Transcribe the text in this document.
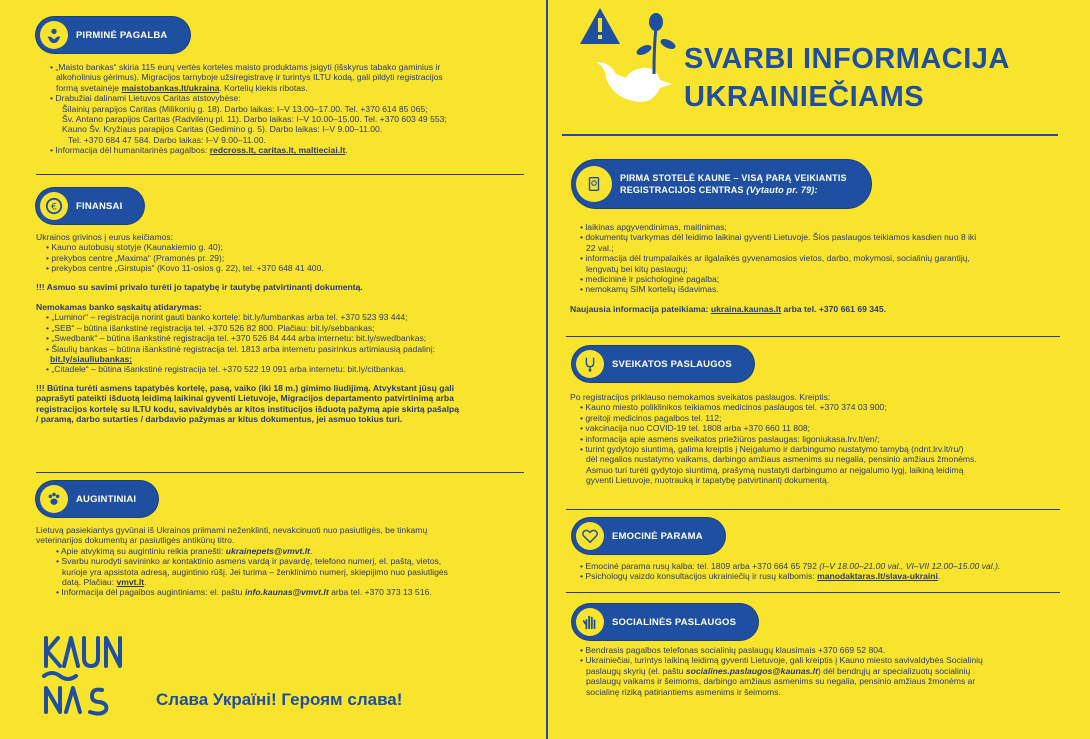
PIRMINĖ PAGALBA

• „Maisto bankas“ skiria 115 eurų vertės korteles maisto produktams įsigyti (išskyrus tabako gaminius ir

alkoholinius gėrimus). Migracijos tarnyboje užsiregistravę ir turintys ILTU kodą, gali pildyti registracijos

formą svetainėje maistobankas.lt/ukraina. Kortelių kiekis ribotas.

• Drabužiai dalinami Lietuvos Caritas atstovybėse:

Šilainių parapijos Caritas (Milikonių g. 18). Darbo laikas: I–V 13.00–17.00. Tel. +370 614 85 065;

Šv. Antano parapijos Caritas (Radvilėnų pl. 11). Darbo laikas: I–V 10.00–15.00. Tel. +370 603 49 553;

Kauno Šv. Kryžiaus parapijos Caritas (Gedimino g. 5). Darbo laikas: I–V 9.00–11.00.

Tel. +370 684 47 584. Darbo laikas: I–V 9.00–11.00.

• Informacija dėl humanitarinės pagalbos: redcross.lt, caritas.lt, maltieciai.lt.

€ FINANSAI

Ukrainos grivinos į eurus keičiamos:

• Kauno autobusų stotyje (Kaunakiemio g. 40);

• prekybos centre „Maxima“ (Pramonės pr. 29);

• prekybos centre „Girstupis“ (Kovo 11-osios g. 22), tel. +370 648 41 400.

!!! Asmuo su savimi privalo turėti jo tapatybę ir tautybę patvirtinantį dokumentą.

Nemokamas banko sąskaitų atidarymas:

• „Luminor“ – registracija norint gauti banko kortelę: bit.ly/lumbankas arba tel. +370 523 93 444;

• „SEB“ – būtina išankstinė registracija tel. +370 526 82 800. Plačiau: bit.ly/sebbankas;

• „Swedbank“ – būtina išankstinė registracija tel. +370 526 84 444 arba internetu: bit.ly/swedbankas;

• Šiaulių bankas – būtina išankstinė registracija tel. 1813 arba internetu pasirinkus artimiausią padalinį:

bit.ly/siauliubankas;

• „Citadele“ – būtina išankstinė registracija tel. +370 522 19 091 arba internetu: bit.ly/citbankas.

!!! Būtina turėti asmens tapatybės kortelę, pasą, vaiko (iki 18 m.) gimimo liudijimą. Atvykstant jūsų gali

paprašyti pateikti išduotą leidimą laikinai gyventi Lietuvoje, Migracijos departamento patvirtinimą arba

registracijos kortelę su ILTU kodu, savivaldybės ar kitos institucijos išduotą pažymą apie skirtą pašalpą

/ paramą, darbo sutarties / darbdavio pažymas ar kitus dokumentus, jei asmuo tokius turi.

AUGINTINIAI

Lietuvą pasiekiantys gyvūnai iš Ukrainos priimami neženklinti, nevakcinuoti nuo pasiutligės, be tinkamų

veterinarijos dokumentų ar pasiutligės antikūnų titro.

• Apie atvykimą su augintiniu reikia pranešti: ukrainepets@vmvt.lt.

• Svarbu nurodyti savininko ar kontaktinio asmens vardą ir pavardę, telefono numerį, el. paštą, vietos,

kurioje yra apsistota adresą, augintinio rūšį. Jei turima – ženklinimo numerį, skiepijimo nuo pasiutligės

datą. Plačiau: vmvt.lt.

• Informacija dėl pagalbos augintiniams: el. paštu info.kaunas@vmvt.lt arba tel. +370 373 13 516.

Слава Україні! Героям слава!
SVARBI INFORMACIJA
UKRAINIEČIAMS
PIRMA STOTELĖ KAUNE – VISĄ PARĄ VEIKIANTIS
REGISTRACIJOS CENTRAS (Vytauto pr. 79):

• laikinas apgyvendinimas, maitinimas;

• dokumentų tvarkymas dėl leidimo laikinai gyventi Lietuvoje. Šios paslaugos teikiamos kasdien nuo 8 iki

22 val.;

• informacija dėl trumpalaikės ar ilgalaikės gyvenamosios vietos, darbo, mokymosi, socialinių garantijų,

lengvatų bei kitų paslaugų;

• medicininė ir psichologinė pagalba;

• nemokamų SIM kortelių išdavimas.

Naujausia informacija pateikiama: ukraina.kaunas.lt arba tel. +370 661 69 345.

SVEIKATOS PASLAUGOS

Po registracijos priklauso nemokamos sveikatos paslaugos. Kreiptis:

• Kauno miesto poliklinikos teikiamos medicinos paslaugos tel. +370 374 03 900;

• greitoji medicinos pagalbos tel. 112;

• vakcinacija nuo COVID-19 tel. 1808 arba +370 660 11 808;

• informacija apie asmens sveikatos priežiūros paslaugas: ligoniukasa.lrv.lt/en/;

• turint gydytojo siuntimą, galima kreiptis į Neįgalumo ir darbingumo nustatymo tarnybą (ndnt.lrv.lt/ru/)

dėl negalios nustatymo vaikams, darbingo amžiaus asmenims su negalia, pensinio amžiaus žmonėms.

Asmuo turi turėti gydytojo siuntimą, prašymą nustatyti darbingumo ar neįgalumo lygį, laikiną leidimą

gyventi Lietuvoje, nuotrauką ir tapatybę patvirtinantį dokumentą.

EMOCINĖ PARAMA

• Emocinė parama rusų kalba: tel. 1809 arba +370 664 65 792 (I–V 18.00–21.00 val., VI–VII 12.00–15.00 val.).

• Psichologų vaizdo konsultacijos ukrainiečių ir rusų kalbomis: manodaktaras.lt/slava-ukraini.

SOCIALINĖS PASLAUGOS

• Bendrasis pagalbos telefonas socialinių paslaugų klausimais +370 669 52 804.

• Ukrainiečiai, turintys laikiną leidimą gyventi Lietuvoje, gali kreiptis į Kauno miesto savivaldybės Socialinių

paslaugų skyrių (el. paštu socialines.paslaugos@kaunas.lt) dėl bendrųjų ar specializuotų socialinių

paslaugų vaikams ir šeimoms, darbingo amžiaus asmenims su negalia, pensinio amžiaus žmonėms ar

socialinę riziką patiriantiems asmenims ir šeimoms.
